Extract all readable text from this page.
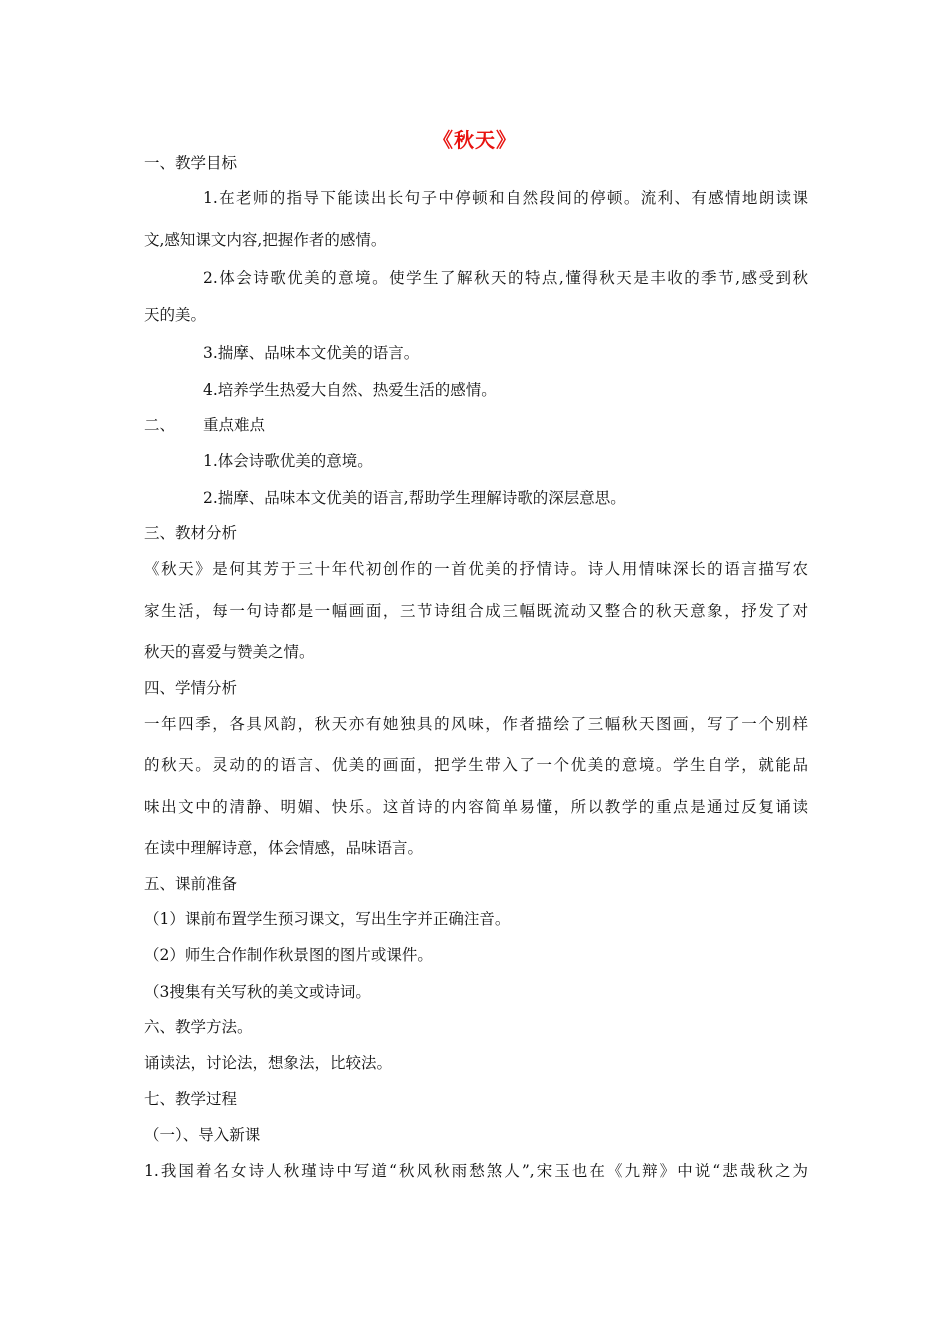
《秋天》
一、教学目标
1.在老师的指导下能读出长句子中停顿和自然段间的停顿。流利、有感情地朗读课
文,感知课文内容,把握作者的感情。
2.体会诗歌优美的意境。使学生了解秋天的特点,懂得秋天是丰收的季节,感受到秋
天的美。
3.揣摩、品味本文优美的语言。
4.培养学生热爱大自然、热爱生活的感情。
二、 重点难点
1.体会诗歌优美的意境。
2.揣摩、品味本文优美的语言,帮助学生理解诗歌的深层意思。
三、教材分析
《秋天》是何其芳于三十年代初创作的一首优美的抒情诗。诗人用情味深长的语言描写农
家生活，每一句诗都是一幅画面，三节诗组合成三幅既流动又整合的秋天意象，抒发了对
秋天的喜爱与赞美之情。
四、学情分析
一年四季，各具风韵，秋天亦有她独具的风味，作者描绘了三幅秋天图画，写了一个别样
的秋天。灵动的的语言、优美的画面，把学生带入了一个优美的意境。学生自学，就能品
味出文中的清静、明媚、快乐。这首诗的内容简单易懂，所以教学的重点是通过反复诵读
在读中理解诗意，体会情感，品味语言。
五、课前准备
（1）课前布置学生预习课文，写出生字并正确注音。
（2）师生合作制作秋景图的图片或课件。
（3搜集有关写秋的美文或诗词。
六、教学方法。
诵读法，讨论法，想象法，比较法。
七、教学过程
（一）、导入新课
1.我国着名女诗人秋瑾诗中写道“秋风秋雨愁煞人”,宋玉也在《九辩》中说“悲哉秋之为
